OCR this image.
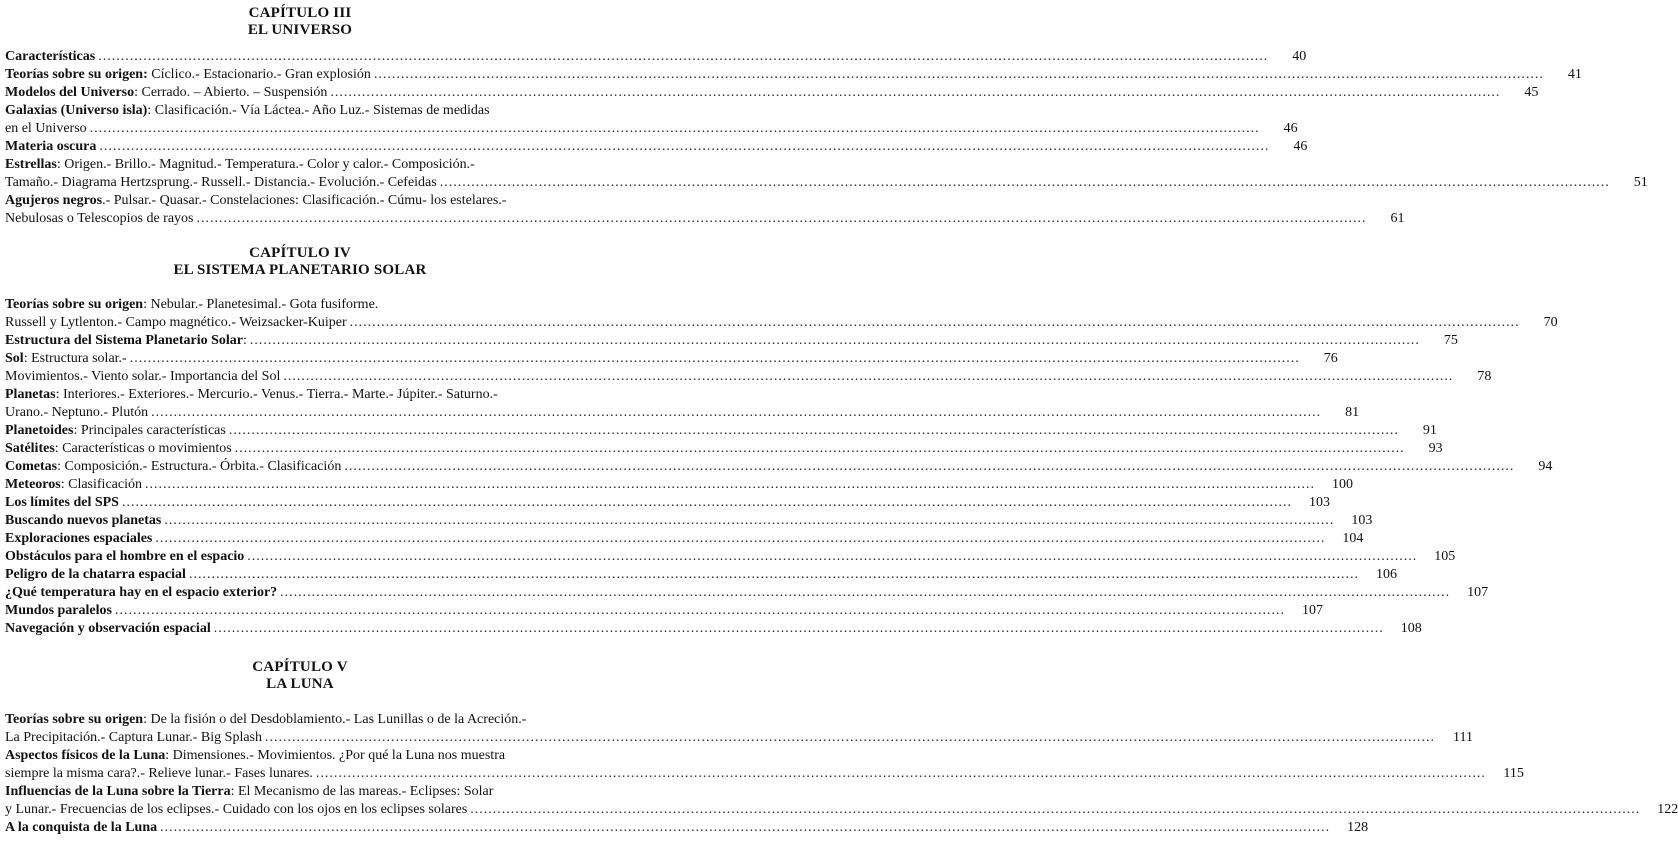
CAPÍTULO III
EL UNIVERSO
CAPÍTULO IV
EL SISTEMA PLANETARIO SOLAR
CAPÍTULO V
LA LUNA
Características .....	40
Teorías sobre su origen: Cíclico.- Estacionario.- Gran explosión .....	41
Modelos del Universo: Cerrado. – Abierto. – Suspensión .....	45
Galaxias (Universo isla): Clasificación.- Vía Láctea.- Año Luz.- Sistemas de medidas
en el Universo .....	46
Materia oscura .....	46
Estrellas: Origen.- Brillo.- Magnitud.- Temperatura.- Color y calor.- Composición.-
Tamaño.- Diagrama Hertzsprung.- Russell.- Distancia.- Evolución.- Cefeidas .....	51
Agujeros negros.- Pulsar.- Quasar.- Constelaciones: Clasificación.- Cúmu- los estelares.-
Nebulosas o Telescopios de rayos .....	61
Teorías sobre su origen: Nebular.- Planetesimal.- Gota fusiforme.
Russell y Lytlenton.- Campo magnético.- Weizsacker-Kuiper .....	70
Estructura del Sistema Planetario Solar: .....	75
Sol: Estructura solar.- .....	76
Movimientos.- Viento solar.- Importancia del Sol .....	78
Planetas: Interiores.- Exteriores.- Mercurio.- Venus.- Tierra.- Marte.- Júpiter.- Saturno.-
Urano.- Neptuno.- Plutón .....	81
Planetoides: Principales características .....	91
Satélites: Características o movimientos .....	93
Cometas: Composición.- Estructura.- Órbita.- Clasificación .....	94
Meteoros: Clasificación .....	100
Los límites del SPS .....	103
Buscando nuevos planetas .....	103
Exploraciones espaciales .....	104
Obstáculos para el hombre en el espacio .....	105
Peligro de la chatarra espacial .....	106
¿Qué temperatura hay en el espacio exterior? .....	107
Mundos paralelos .....	107
Navegación y observación espacial .....	108
Teorías sobre su origen: De la fisión o del Desdoblamiento.- Las Lunillas o de la Acreción.-
La Precipitación.- Captura Lunar.- Big Splash .....	111
Aspectos físicos de la Luna: Dimensiones.- Movimientos. ¿Por qué la Luna nos muestra
siempre la misma cara?.- Relieve lunar.- Fases lunares. .....	115
Influencias de la Luna sobre la Tierra: El Mecanismo de las mareas.- Eclipses: Solar
y Lunar.- Frecuencias de los eclipses.- Cuidado con los ojos en los eclipses solares .....	122
A la conquista de la Luna .....	128
